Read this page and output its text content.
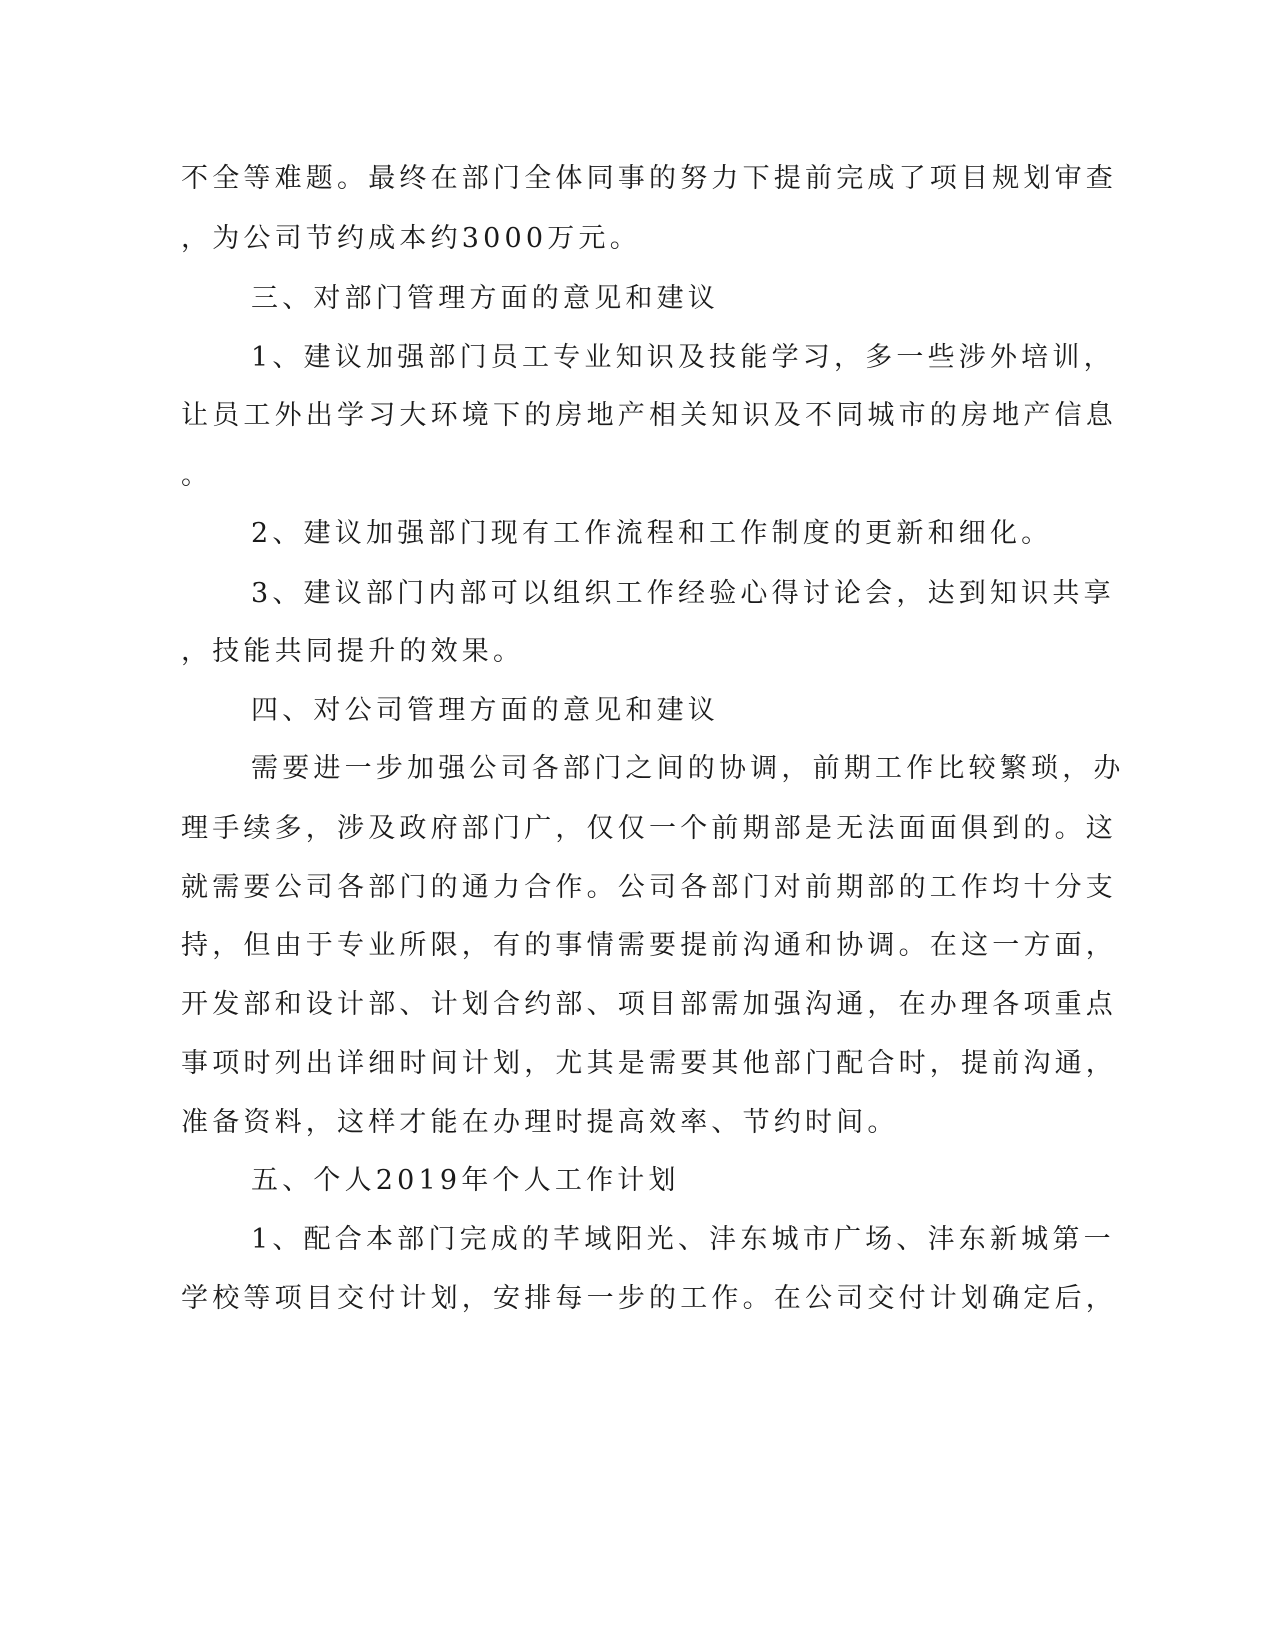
不全等难题。最终在部门全体同事的努力下提前完成了项目规划审查
，为公司节约成本约3000万元。
三、对部门管理方面的意见和建议
1、建议加强部门员工专业知识及技能学习，多一些涉外培训，
让员工外出学习大环境下的房地产相关知识及不同城市的房地产信息
。
2、建议加强部门现有工作流程和工作制度的更新和细化。
3、建议部门内部可以组织工作经验心得讨论会，达到知识共享
，技能共同提升的效果。
四、对公司管理方面的意见和建议
需要进一步加强公司各部门之间的协调，前期工作比较繁琐，办
理手续多，涉及政府部门广，仅仅一个前期部是无法面面俱到的。这
就需要公司各部门的通力合作。公司各部门对前期部的工作均十分支
持，但由于专业所限，有的事情需要提前沟通和协调。在这一方面，
开发部和设计部、计划合约部、项目部需加强沟通，在办理各项重点
事项时列出详细时间计划，尤其是需要其他部门配合时，提前沟通，
准备资料，这样才能在办理时提高效率、节约时间。
五、个人2019年个人工作计划
1、配合本部门完成的芊域阳光、沣东城市广场、沣东新城第一
学校等项目交付计划，安排每一步的工作。在公司交付计划确定后，
